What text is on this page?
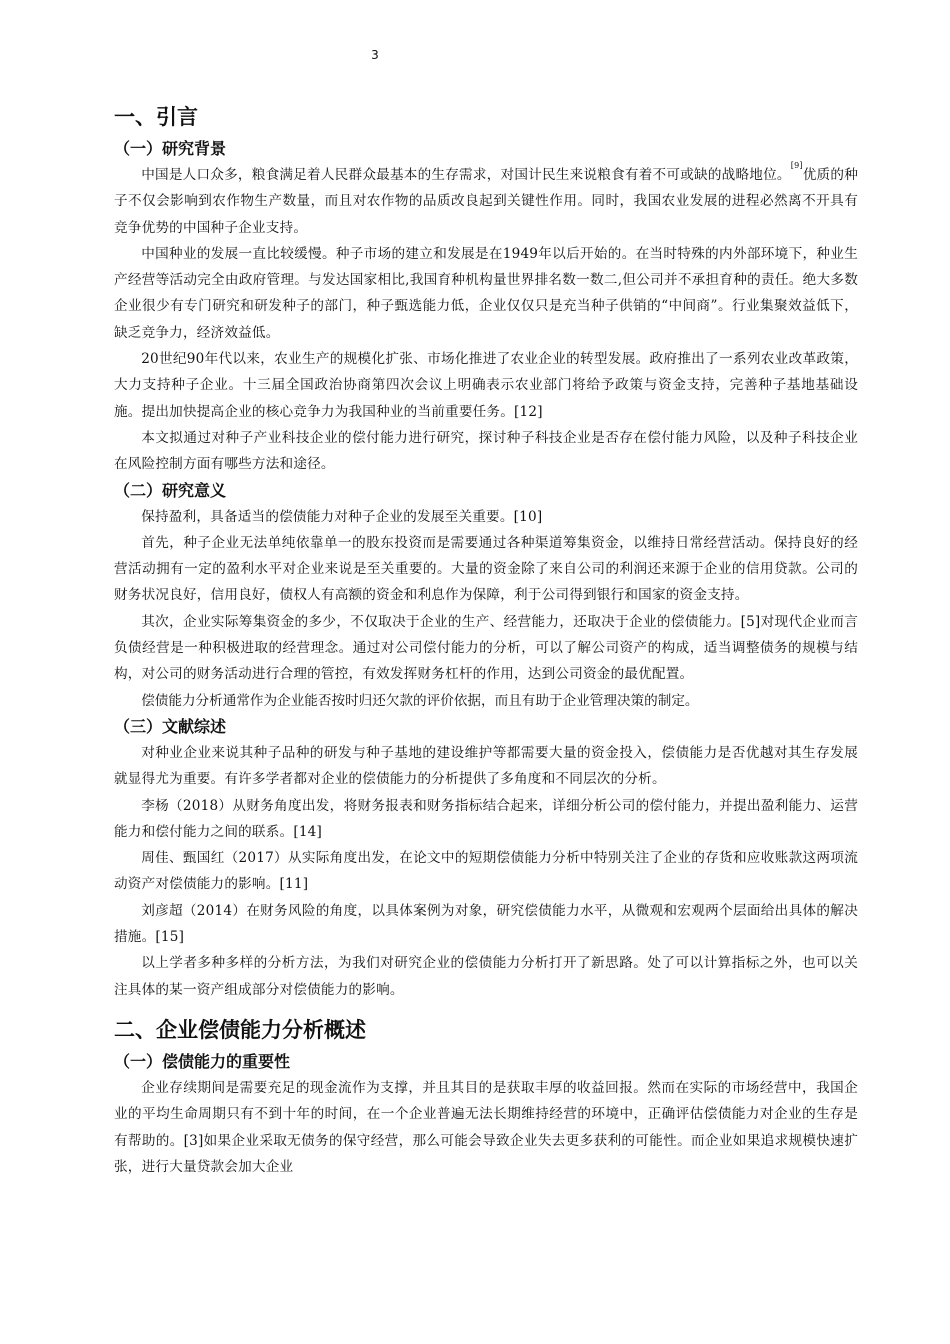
3
一、引言
（一）研究背景

中国是人口众多，粮食满足着人民群众最基本的生存需求，对国计民生来说粮食有着不可或缺的战略地位。[9]优质的种子不仅会影响到农作物生产数量，而且对农作物的品质改良起到关键性作用。同时，我国农业发展的进程必然离不开具有竞争优势的中国种子企业支持。

中国种业的发展一直比较缓慢。种子市场的建立和发展是在1949年以后开始的。在当时特殊的内外部环境下，种业生产经营等活动完全由政府管理。与发达国家相比,我国育种机构量世界排名数一数二,但公司并不承担育种的责任。绝大多数企业很少有专门研究和研发种子的部门，种子甄选能力低，企业仅仅只是充当种子供销的“中间商”。行业集聚效益低下，缺乏竞争力，经济效益低。

20世纪90年代以来，农业生产的规模化扩张、市场化推进了农业企业的转型发展。政府推出了一系列农业改革政策，大力支持种子企业。十三届全国政治协商第四次会议上明确表示农业部门将给予政策与资金支持，完善种子基地基础设施。提出加快提高企业的核心竞争力为我国种业的当前重要任务。[12]

本文拟通过对种子产业科技企业的偿付能力进行研究，探讨种子科技企业是否存在偿付能力风险，以及种子科技企业在风险控制方面有哪些方法和途径。

（二）研究意义

保持盈利，具备适当的偿债能力对种子企业的发展至关重要。[10]

首先，种子企业无法单纯依靠单一的股东投资而是需要通过各种渠道筹集资金，以维持日常经营活动。保持良好的经营活动拥有一定的盈利水平对企业来说是至关重要的。大量的资金除了来自公司的利润还来源于企业的信用贷款。公司的财务状况良好，信用良好，债权人有高额的资金和利息作为保障，利于公司得到银行和国家的资金支持。

其次，企业实际筹集资金的多少，不仅取决于企业的生产、经营能力，还取决于企业的偿债能力。[5]对现代企业而言负债经营是一种积极进取的经营理念。通过对公司偿付能力的分析，可以了解公司资产的构成，适当调整债务的规模与结构，对公司的财务活动进行合理的管控，有效发挥财务杠杆的作用，达到公司资金的最优配置。

偿债能力分析通常作为企业能否按时归还欠款的评价依据，而且有助于企业管理决策的制定。

（三）文献综述

对种业企业来说其种子品种的研发与种子基地的建设维护等都需要大量的资金投入，偿债能力是否优越对其生存发展就显得尤为重要。有许多学者都对企业的偿债能力的分析提供了多角度和不同层次的分析。

李杨（2018）从财务角度出发，将财务报表和财务指标结合起来，详细分析公司的偿付能力，并提出盈利能力、运营能力和偿付能力之间的联系。[14]

周佳、甄国红（2017）从实际角度出发，在论文中的短期偿债能力分析中特别关注了企业的存货和应收账款这两项流动资产对偿债能力的影响。[11]

刘彦超（2014）在财务风险的角度，以具体案例为对象，研究偿债能力水平，从微观和宏观两个层面给出具体的解决措施。[15]

以上学者多种多样的分析方法，为我们对研究企业的偿债能力分析打开了新思路。处了可以计算指标之外，也可以关注具体的某一资产组成部分对偿债能力的影响。

二、企业偿债能力分析概述
（一）偿债能力的重要性

企业存续期间是需要充足的现金流作为支撑，并且其目的是获取丰厚的收益回报。然而在实际的市场经营中，我国企业的平均生命周期只有不到十年的时间，在一个企业普遍无法长期维持经营的环境中，正确评估偿债能力对企业的生存是有帮助的。[3]如果企业采取无债务的保守经营，那么可能会导致企业失去更多获利的可能性。而企业如果追求规模快速扩张，进行大量贷款会加大企业
